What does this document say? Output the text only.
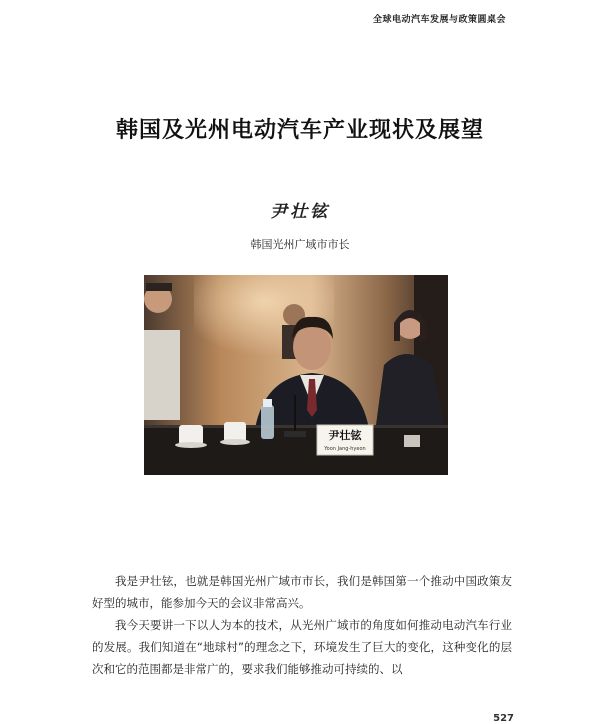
全球电动汽车发展与政策圆桌会
韩国及光州电动汽车产业现状及展望
尹壮铉
韩国光州广域市市长
尹壮铉
Yoon Jang-hyeon

我是尹壮铉，也就是韩国光州广域市市长，我们是韩国第一个推动中国政策友好型的城市，能参加今天的会议非常高兴。

我今天要讲一下以人为本的技术，从光州广域市的角度如何推动电动汽车行业的发展。我们知道在“地球村”的理念之下，环境发生了巨大的变化，这种变化的层次和它的范围都是非常广的，要求我们能够推动可持续的、以

527
